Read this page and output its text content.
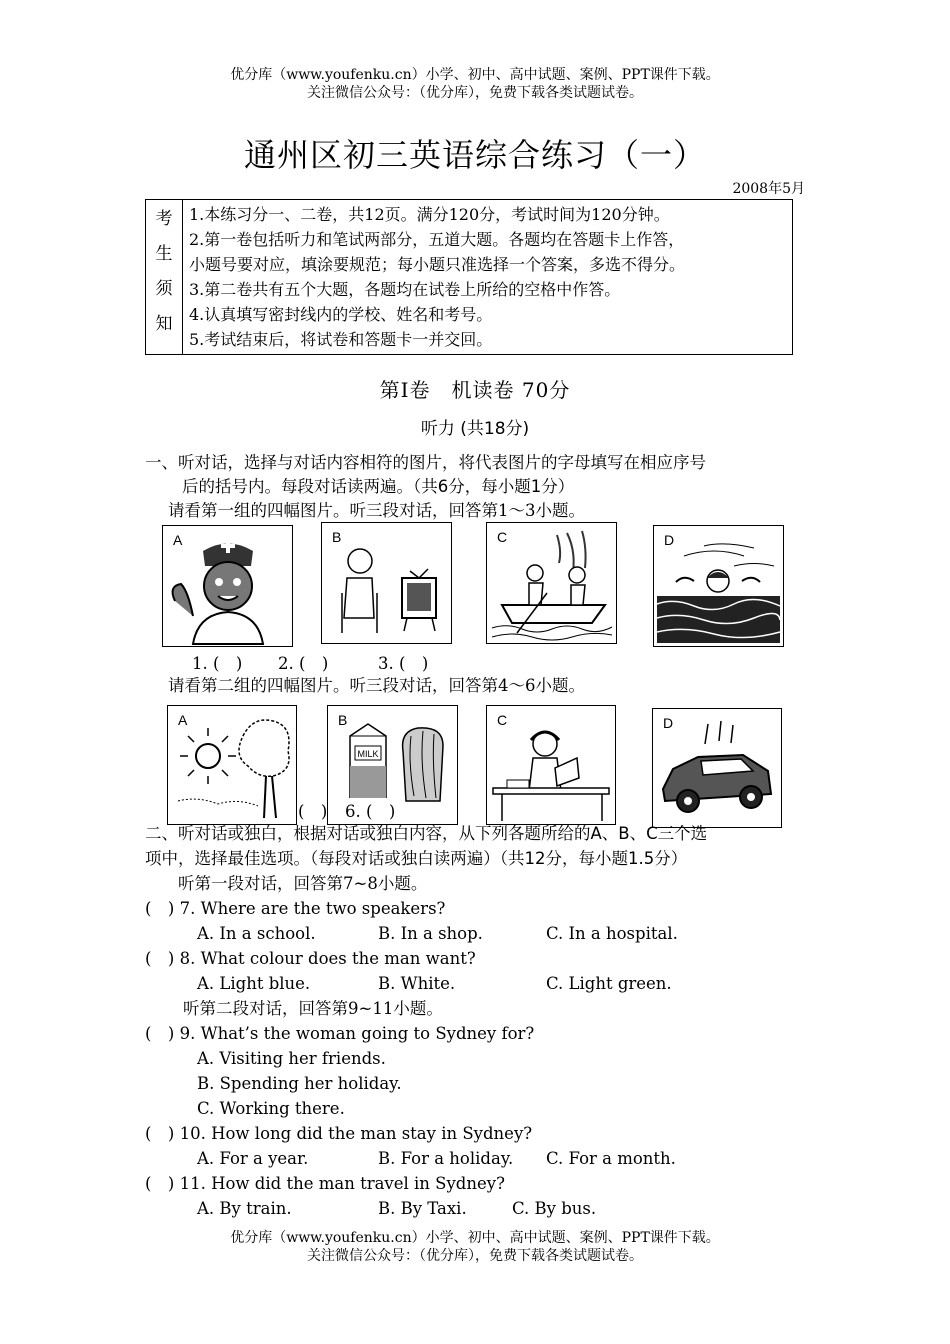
优分库（www.youfenku.cn）小学、初中、高中试题、案例、PPT课件下载。
关注微信公众号：（优分库），免费下载各类试题试卷。
通州区初三英语综合练习（一）
2008年5月
考
生
须
知

1.本练习分一、二卷，共12页。满分120分，考试时间为120分钟。
2.第一卷包括听力和笔试两部分，五道大题。各题均在答题卡上作答，
小题号要对应，填涂要规范；每小题只准选择一个答案，多选不得分。
3.第二卷共有五个大题，各题均在试卷上所给的空格中作答。
4.认真填写密封线内的学校、姓名和考号。
5.考试结束后，将试卷和答题卡一并交回。
第Ⅰ卷　机读卷 70分
听力 (共18分)
一、听对话，选择与对话内容相符的图片，将代表图片的字母填写在相应序号
后的括号内。每段对话读两遍。（共6分，每小题1分）
请看第一组的四幅图片。听三段对话，回答第1～3小题。
A	B	C	D
1. (　) 2. (　)	3. (　)
请看第二组的四幅图片。听三段对话，回答第4～6小题。
A
MILK
B	C	D
(　) 6. (　)
二、听对话或独白，根据对话或独白内容，从下列各题所给的A、B、C三个选
项中，选择最佳选项。（每段对话或独白读两遍）（共12分，每小题1.5分）
听第一段对话，回答第7~8小题。
(　) 7. Where are the two speakers?
A. In a school.	B. In a shop.	C. In a hospital.
(　) 8. What colour does the man want?
A. Light blue.	B. White.	C. Light green.
听第二段对话，回答第9~11小题。
(　) 9. What’s the woman going to Sydney for?
A. Visiting her friends.
B. Spending her holiday.
C. Working there.
(　) 10. How long did the man stay in Sydney?
A. For a year.	B. For a holiday. C. For a month.
(　) 11. How did the man travel in Sydney?
A. By train.	B. By Taxi.	C. By bus.
优分库（www.youfenku.cn）小学、初中、高中试题、案例、PPT课件下载。
关注微信公众号：（优分库），免费下载各类试题试卷。
